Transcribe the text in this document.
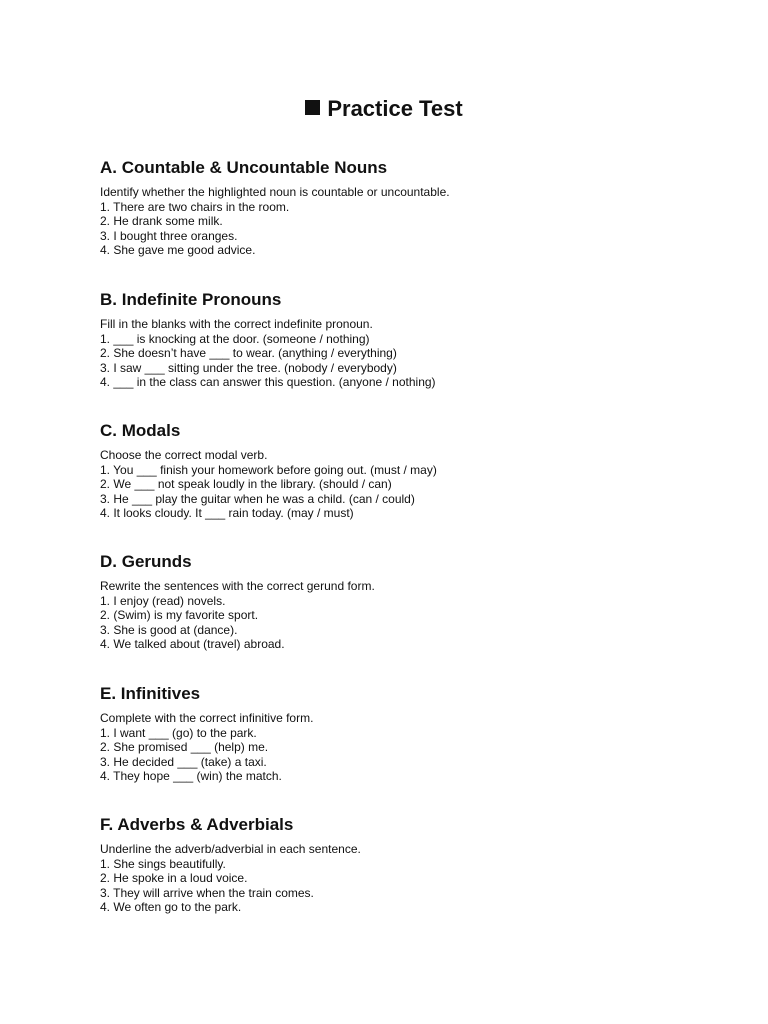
Practice Test
A. Countable & Uncountable Nouns
Identify whether the highlighted noun is countable or uncountable.
1. There are two chairs in the room.
2. He drank some milk.
3. I bought three oranges.
4. She gave me good advice.
B. Indefinite Pronouns
Fill in the blanks with the correct indefinite pronoun.
1. ___ is knocking at the door. (someone / nothing)
2. She doesn’t have ___ to wear. (anything / everything)
3. I saw ___ sitting under the tree. (nobody / everybody)
4. ___ in the class can answer this question. (anyone / nothing)
C. Modals
Choose the correct modal verb.
1. You ___ finish your homework before going out. (must / may)
2. We ___ not speak loudly in the library. (should / can)
3. He ___ play the guitar when he was a child. (can / could)
4. It looks cloudy. It ___ rain today. (may / must)
D. Gerunds
Rewrite the sentences with the correct gerund form.
1. I enjoy (read) novels.
2. (Swim) is my favorite sport.
3. She is good at (dance).
4. We talked about (travel) abroad.
E. Infinitives
Complete with the correct infinitive form.
1. I want ___ (go) to the park.
2. She promised ___ (help) me.
3. He decided ___ (take) a taxi.
4. They hope ___ (win) the match.
F. Adverbs & Adverbials
Underline the adverb/adverbial in each sentence.
1. She sings beautifully.
2. He spoke in a loud voice.
3. They will arrive when the train comes.
4. We often go to the park.
